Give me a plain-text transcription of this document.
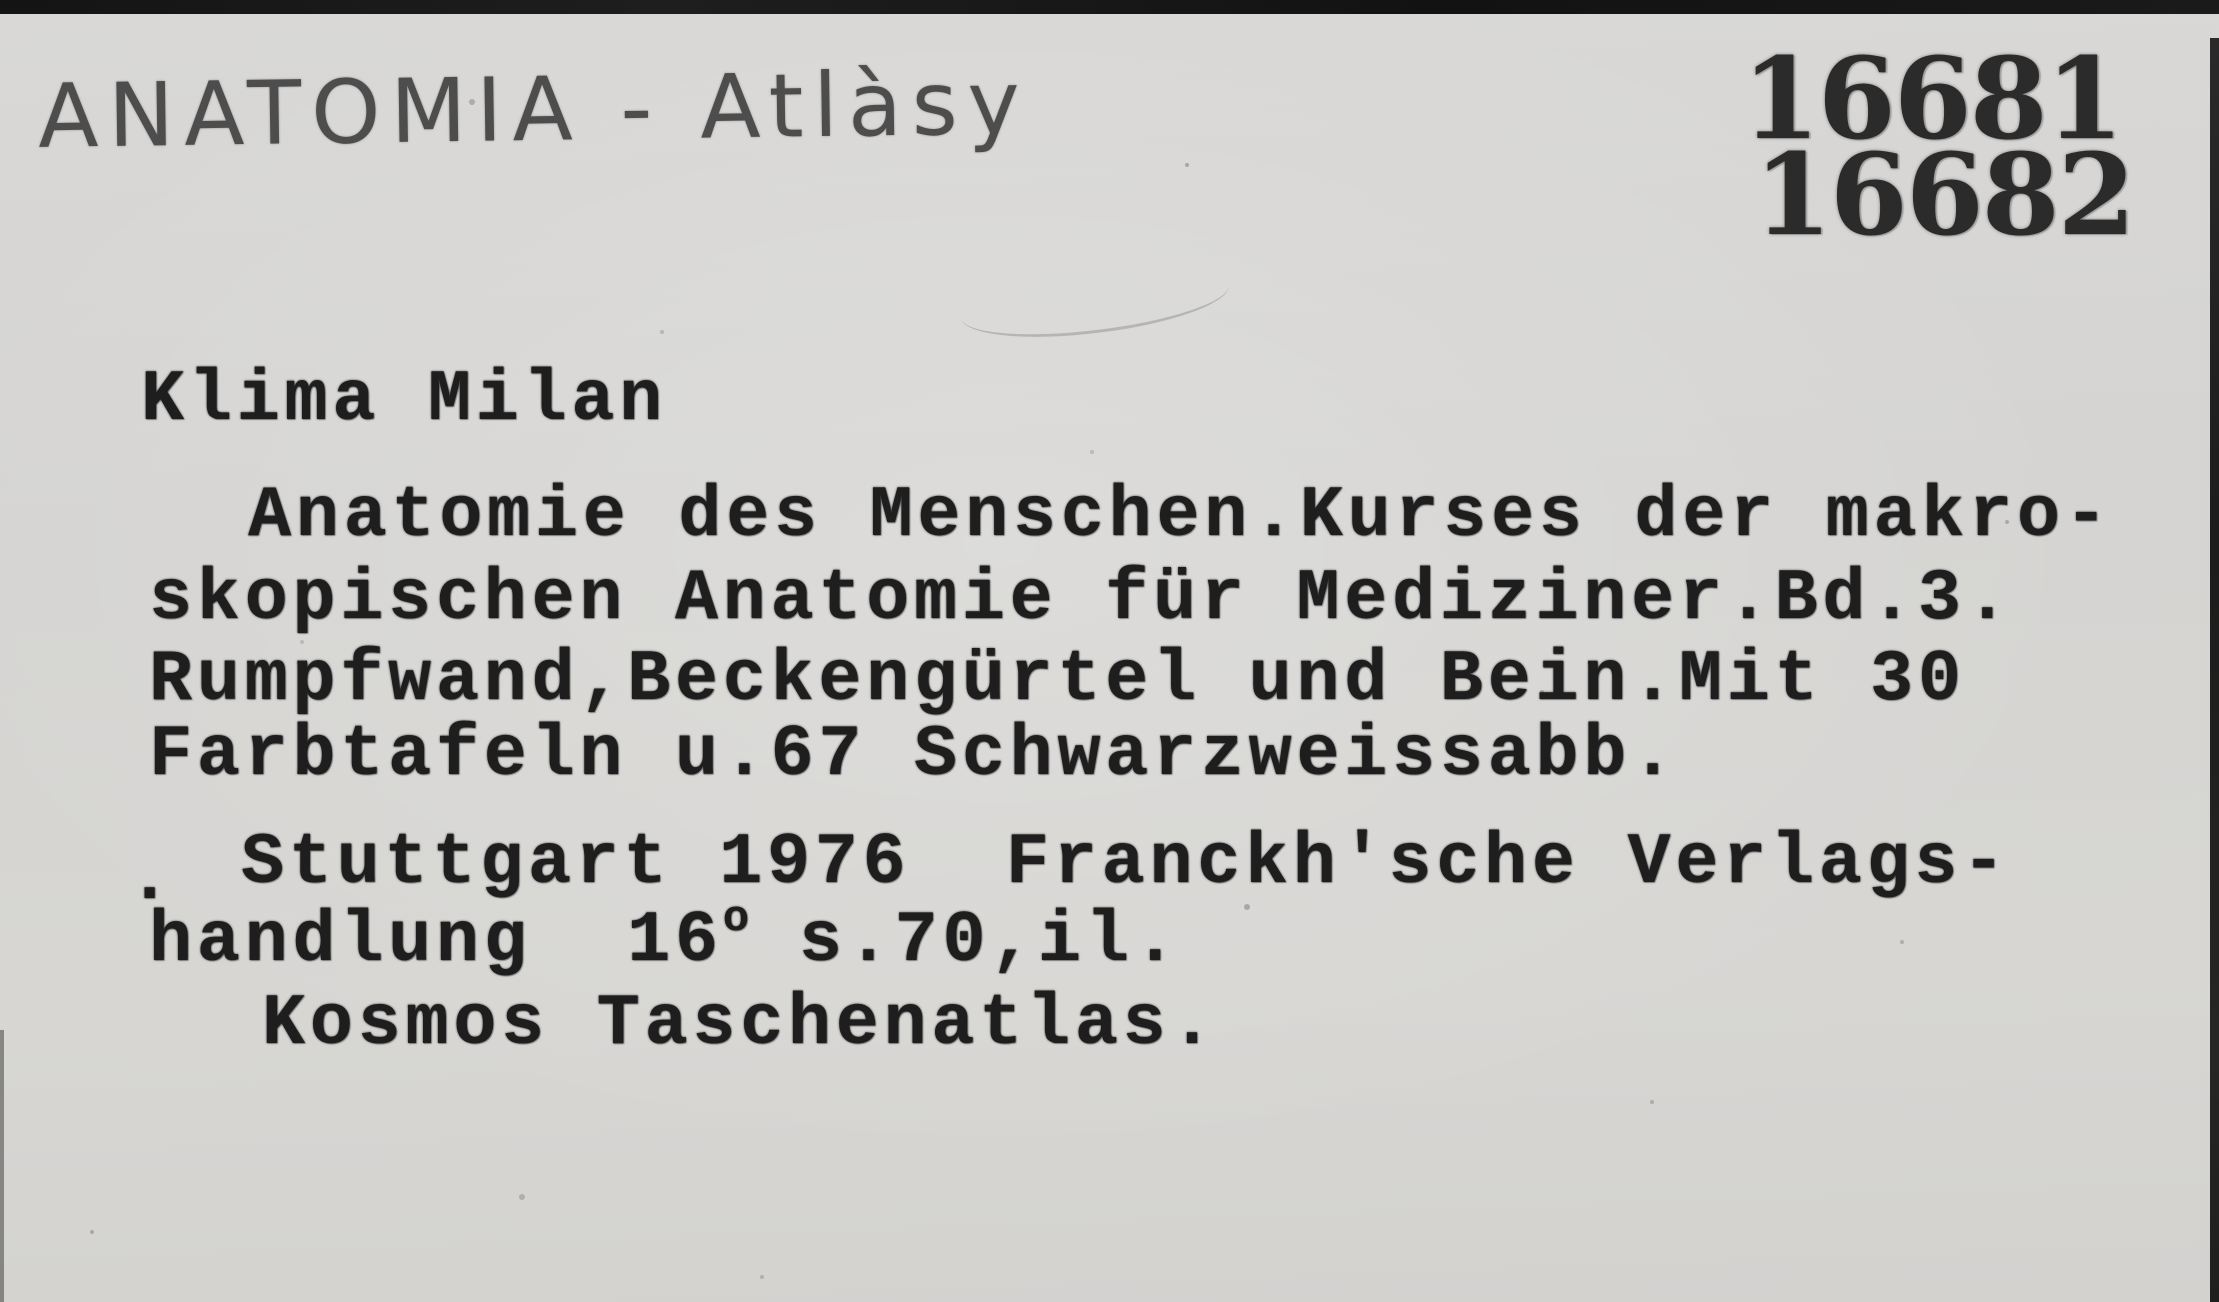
ANATOMIA - Atlàsy	16681
16682
Klima Milan
Anatomie des Menschen.Kurses der makro-
skopischen Anatomie für Mediziner.Bd.3.
Rumpfwand,Beckengürtel und Bein.Mit 30
Farbtafeln u.67 Schwarzweissabb.
. Stuttgart 1976  Franckh'sche Verlags-
handlung  16$^o$ s.70,il.
Kosmos Taschenatlas.
